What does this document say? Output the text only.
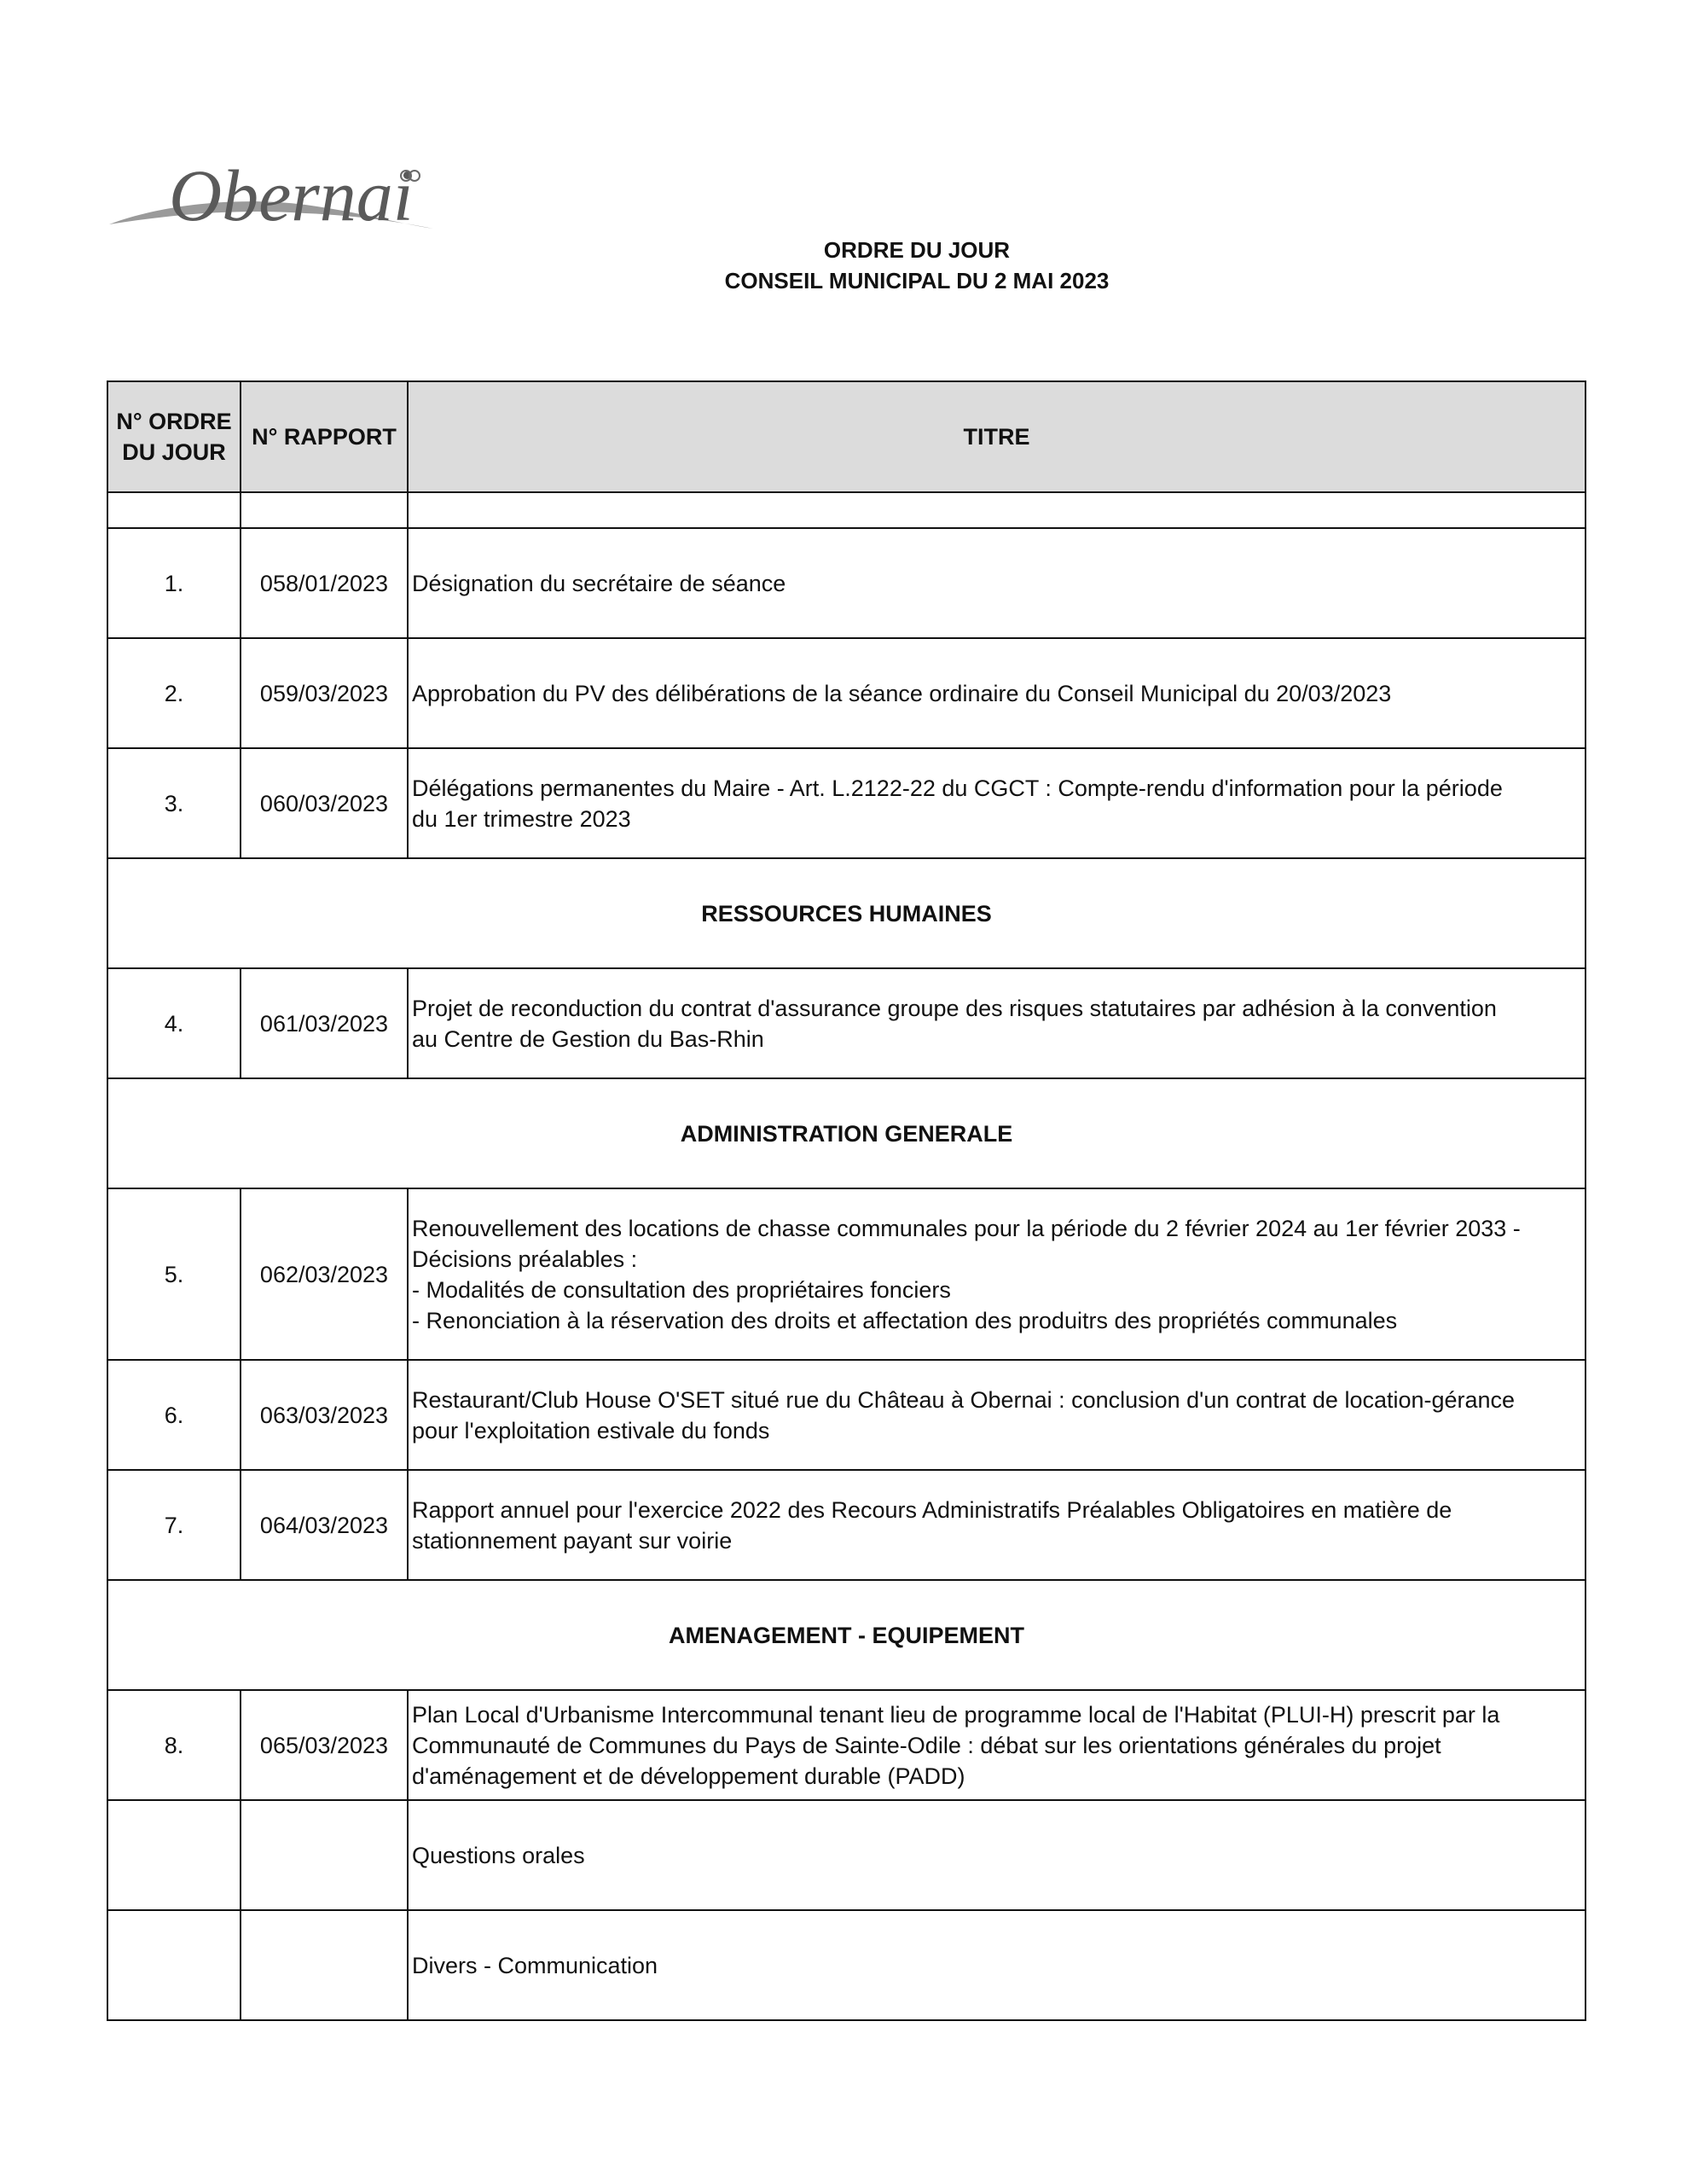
Obernai
ORDRE DU JOUR
CONSEIL MUNICIPAL DU 2 MAI 2023
N° ORDRE
DU JOUR	N° RAPPORT	TITRE

1.	058/01/2023	Désignation du secrétaire de séance

2.	059/03/2023	Approbation du PV des délibérations de la séance ordinaire du Conseil Municipal du 20/03/2023

3.	060/03/2023	Délégations permanentes du Maire - Art. L.2122-22 du CGCT : Compte-rendu d'information pour la période
du 1er trimestre 2023

RESSOURCES HUMAINES		
4.	061/03/2023	Projet de reconduction du contrat d'assurance groupe des risques statutaires par adhésion à la convention
au Centre de Gestion du Bas-Rhin

ADMINISTRATION GENERALE		
5.	062/03/2023	Renouvellement des locations de chasse communales pour la période du 2 février 2024 au 1er février 2033 -
Décisions préalables :
- Modalités de consultation des propriétaires fonciers
- Renonciation à la réservation des droits et affectation des produitrs des propriétés communales

6.	063/03/2023	Restaurant/Club House O'SET situé rue du Château à Obernai : conclusion d'un contrat de location-gérance
pour l'exploitation estivale du fonds

7.	064/03/2023	Rapport annuel pour l'exercice 2022 des Recours Administratifs Préalables Obligatoires en matière de
stationnement payant sur voirie

AMENAGEMENT - EQUIPEMENT		
8.	065/03/2023	Plan Local d'Urbanisme Intercommunal tenant lieu de programme local de l'Habitat (PLUI-H) prescrit par la
Communauté de Communes du Pays de Sainte-Odile : débat sur les orientations générales du projet
d'aménagement et de développement durable (PADD)

		Questions orales

		Divers - Communication
